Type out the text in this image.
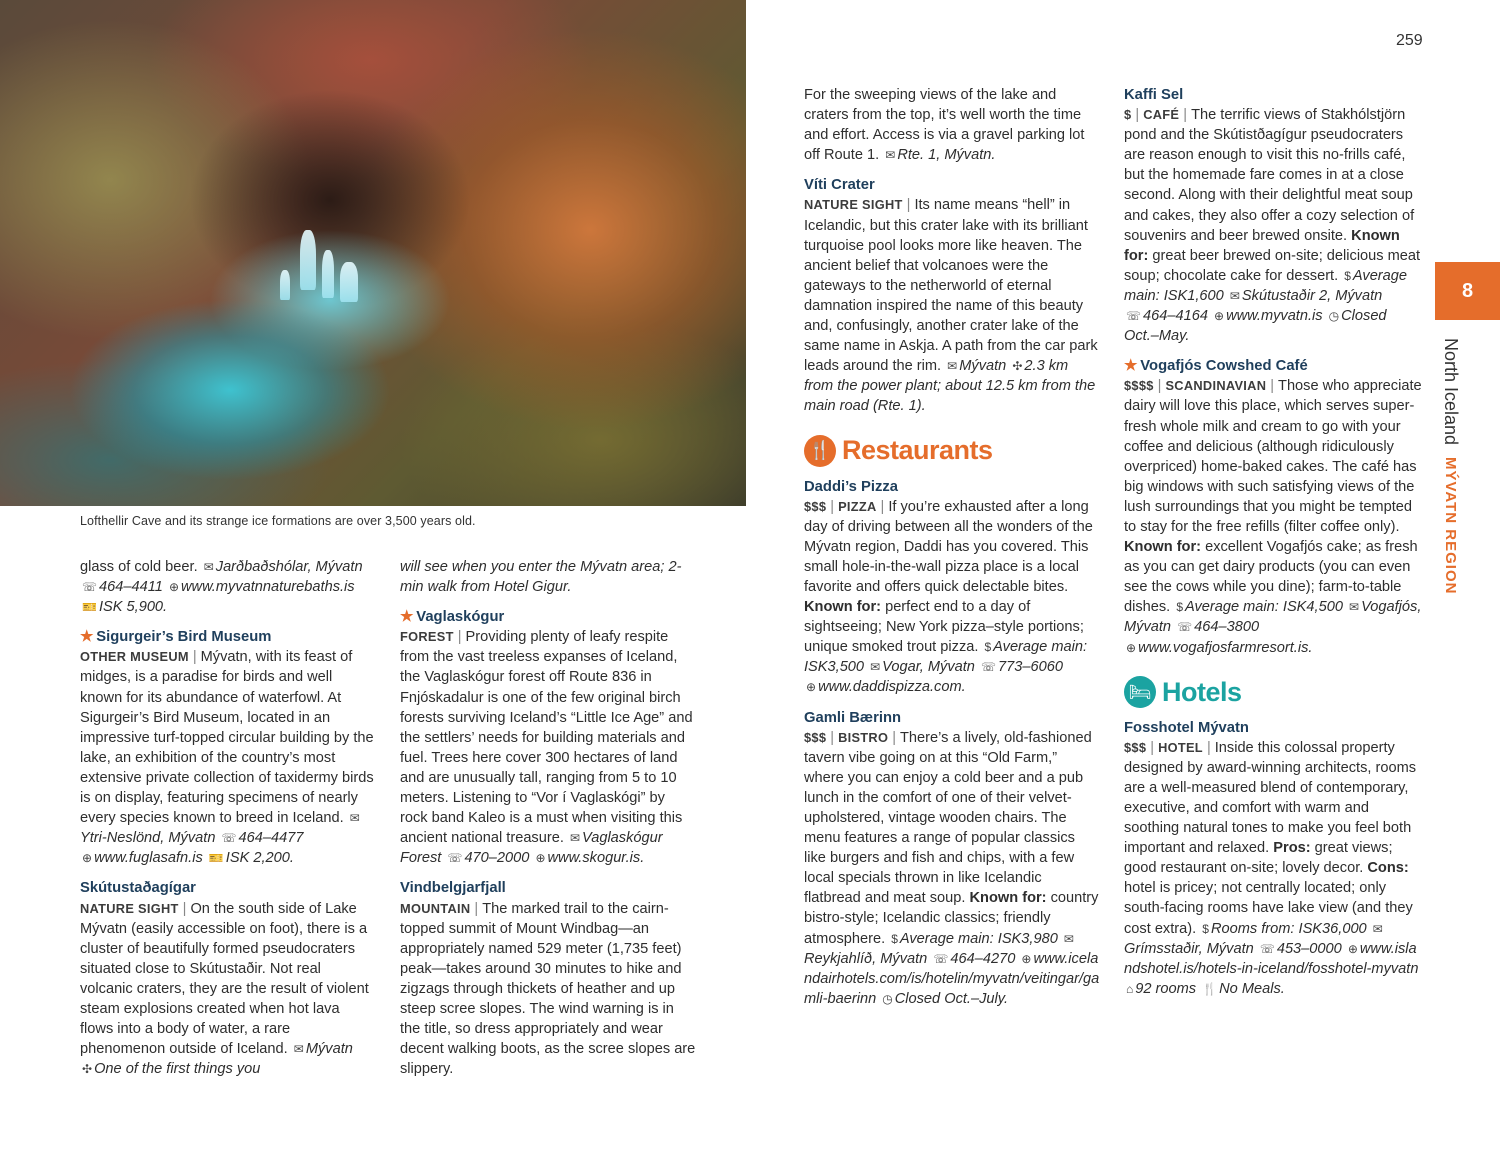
Lofthellir Cave and its strange ice formations are over 3,500 years old.
259
8
North Iceland
MÝVATN REGION

glass of cold beer. ✉ Jarðbaðshólar, Mývatn ☏ 464–4411 ⊕ www.myvatnnaturebaths.is 🎫 ISK 5,900.

★ Sigurgeir’s Bird Museum

OTHER MUSEUM | Mývatn, with its feast of midges, is a paradise for birds and well known for its abundance of waterfowl. At Sigurgeir’s Bird Museum, located in an impressive turf-topped circular building by the lake, an exhibition of the country’s most extensive private collection of taxidermy birds is on display, featuring specimens of nearly every species known to breed in Iceland. ✉Ytri-Neslönd, Mývatn ☏ 464–4477 ⊕ www.fuglasafn.is 🎫 ISK 2,200.

Skútustaðagígar

NATURE SIGHT | On the south side of Lake Mývatn (easily accessible on foot), there is a cluster of beautifully formed pseudocraters situated close to Skútustaðir. Not real volcanic craters, they are the result of violent steam explosions created when hot lava flows into a body of water, a rare phenomenon outside of Iceland. ✉ Mývatn ✣ One of the first things you

will see when you enter the Mývatn area; 2-min walk from Hotel Gigur.

★ Vaglaskógur

FOREST | Providing plenty of leafy respite from the vast treeless expanses of Iceland, the Vaglaskógur forest off Route 836 in Fnjóskadalur is one of the few original birch forests surviving Iceland’s “Little Ice Age” and the settlers’ needs for building materials and fuel. Trees here cover 300 hectares of land and are unusually tall, ranging from 5 to 10 meters. Listening to “Vor í Vaglaskógi” by rock band Kaleo is a must when visiting this ancient national treasure. ✉ Vaglaskógur Forest ☏ 470–2000 ⊕ www.skogur.is.

Vindbelgjarfjall

MOUNTAIN | The marked trail to the cairn-topped summit of Mount Windbag—an appropriately named 529 meter (1,735 feet) peak—takes around 30 minutes to hike and zigzags through thickets of heather and up steep scree slopes. The wind warning is in the title, so dress appropriately and wear decent walking boots, as the scree slopes are slippery.

For the sweeping views of the lake and craters from the top, it’s well worth the time and effort. Access is via a gravel parking lot off Route 1. ✉ Rte. 1, Mývatn.

Víti Crater

NATURE SIGHT | Its name means “hell” in Icelandic, but this crater lake with its brilliant turquoise pool looks more like heaven. The ancient belief that volcanoes were the gateways to the netherworld of eternal damnation inspired the name of this beauty and, confusingly, another crater lake of the same name in Askja. A path from the car park leads around the rim. ✉ Mývatn ✣ 2.3 km from the power plant; about 12.5 km from the main road (Rte. 1).

🍴 Restaurants
Daddi’s Pizza

$$$ | PIZZA | If you’re exhausted after a long day of driving between all the wonders of the Mývatn region, Daddi has you covered. This small hole-in-the-wall pizza place is a local favorite and offers quick delectable bites. Known for: perfect end to a day of sightseeing; New York pizza–style portions; unique smoked trout pizza. $ Average main: ISK3,500 ✉ Vogar, Mývatn ☏ 773–6060 ⊕ www.daddispizza.com.

Gamli Bærinn

$$$ | BISTRO | There’s a lively, old-fashioned tavern vibe going on at this “Old Farm,” where you can enjoy a cold beer and a pub lunch in the comfort of one of their velvet-upholstered, vintage wooden chairs. The menu features a range of popular classics like burgers and fish and chips, with a few local specials thrown in like Icelandic flatbread and meat soup. Known for: country bistro-style; Icelandic classics; friendly atmosphere. $ Average main: ISK3,980 ✉Reykjahlíð, Mývatn ☏ 464–4270 ⊕ www.icelandairhotels.com/is/hotelin/myvatn/veitingar/gamli-baerinn ◷ Closed Oct.–July.

Kaffi Sel

$ | CAFÉ | The terrific views of Stakhólstjörn pond and the Skútistðagígur pseudocraters are reason enough to visit this no-frills café, but the homemade fare comes in at a close second. Along with their delightful meat soup and cakes, they also offer a cozy selection of souvenirs and beer brewed onsite. Known for: great beer brewed on-site; delicious meat soup; chocolate cake for dessert. $ Average main: ISK1,600 ✉ Skútustaðir 2, Mývatn ☏ 464–4164 ⊕ www.myvatn.is ◷ Closed Oct.–May.

★ Vogafjós Cowshed Café

$$$$ | SCANDINAVIAN | Those who appreciate dairy will love this place, which serves super-fresh whole milk and cream to go with your coffee and delicious (although ridiculously overpriced) home-baked cakes. The café has big windows with such satisfying views of the lush surroundings that you might be tempted to stay for the free refills (filter coffee only). Known for: excellent Vogafjós cake; as fresh as you can get dairy products (you can even see the cows while you dine); farm-to-table dishes. $ Average main: ISK4,500 ✉ Vogafjós, Mývatn ☏ 464–3800 ⊕ www.vogafjosfarmresort.is.

🛏 Hotels
Fosshotel Mývatn

$$$ | HOTEL | Inside this colossal property designed by award-winning architects, rooms are a well-measured blend of contemporary, executive, and comfort with warm and soothing natural tones to make you feel both important and relaxed. Pros: great views; good restaurant on-site; lovely decor. Cons: hotel is pricey; not centrally located; only south-facing rooms have lake view (and they cost extra). $ Rooms from: ISK36,000 ✉Grímsstaðir, Mývatn ☏ 453–0000 ⊕ www.islandshotel.is/hotels-in-iceland/fosshotel-myvatn ⌂ 92 rooms 🍴 No Meals.
